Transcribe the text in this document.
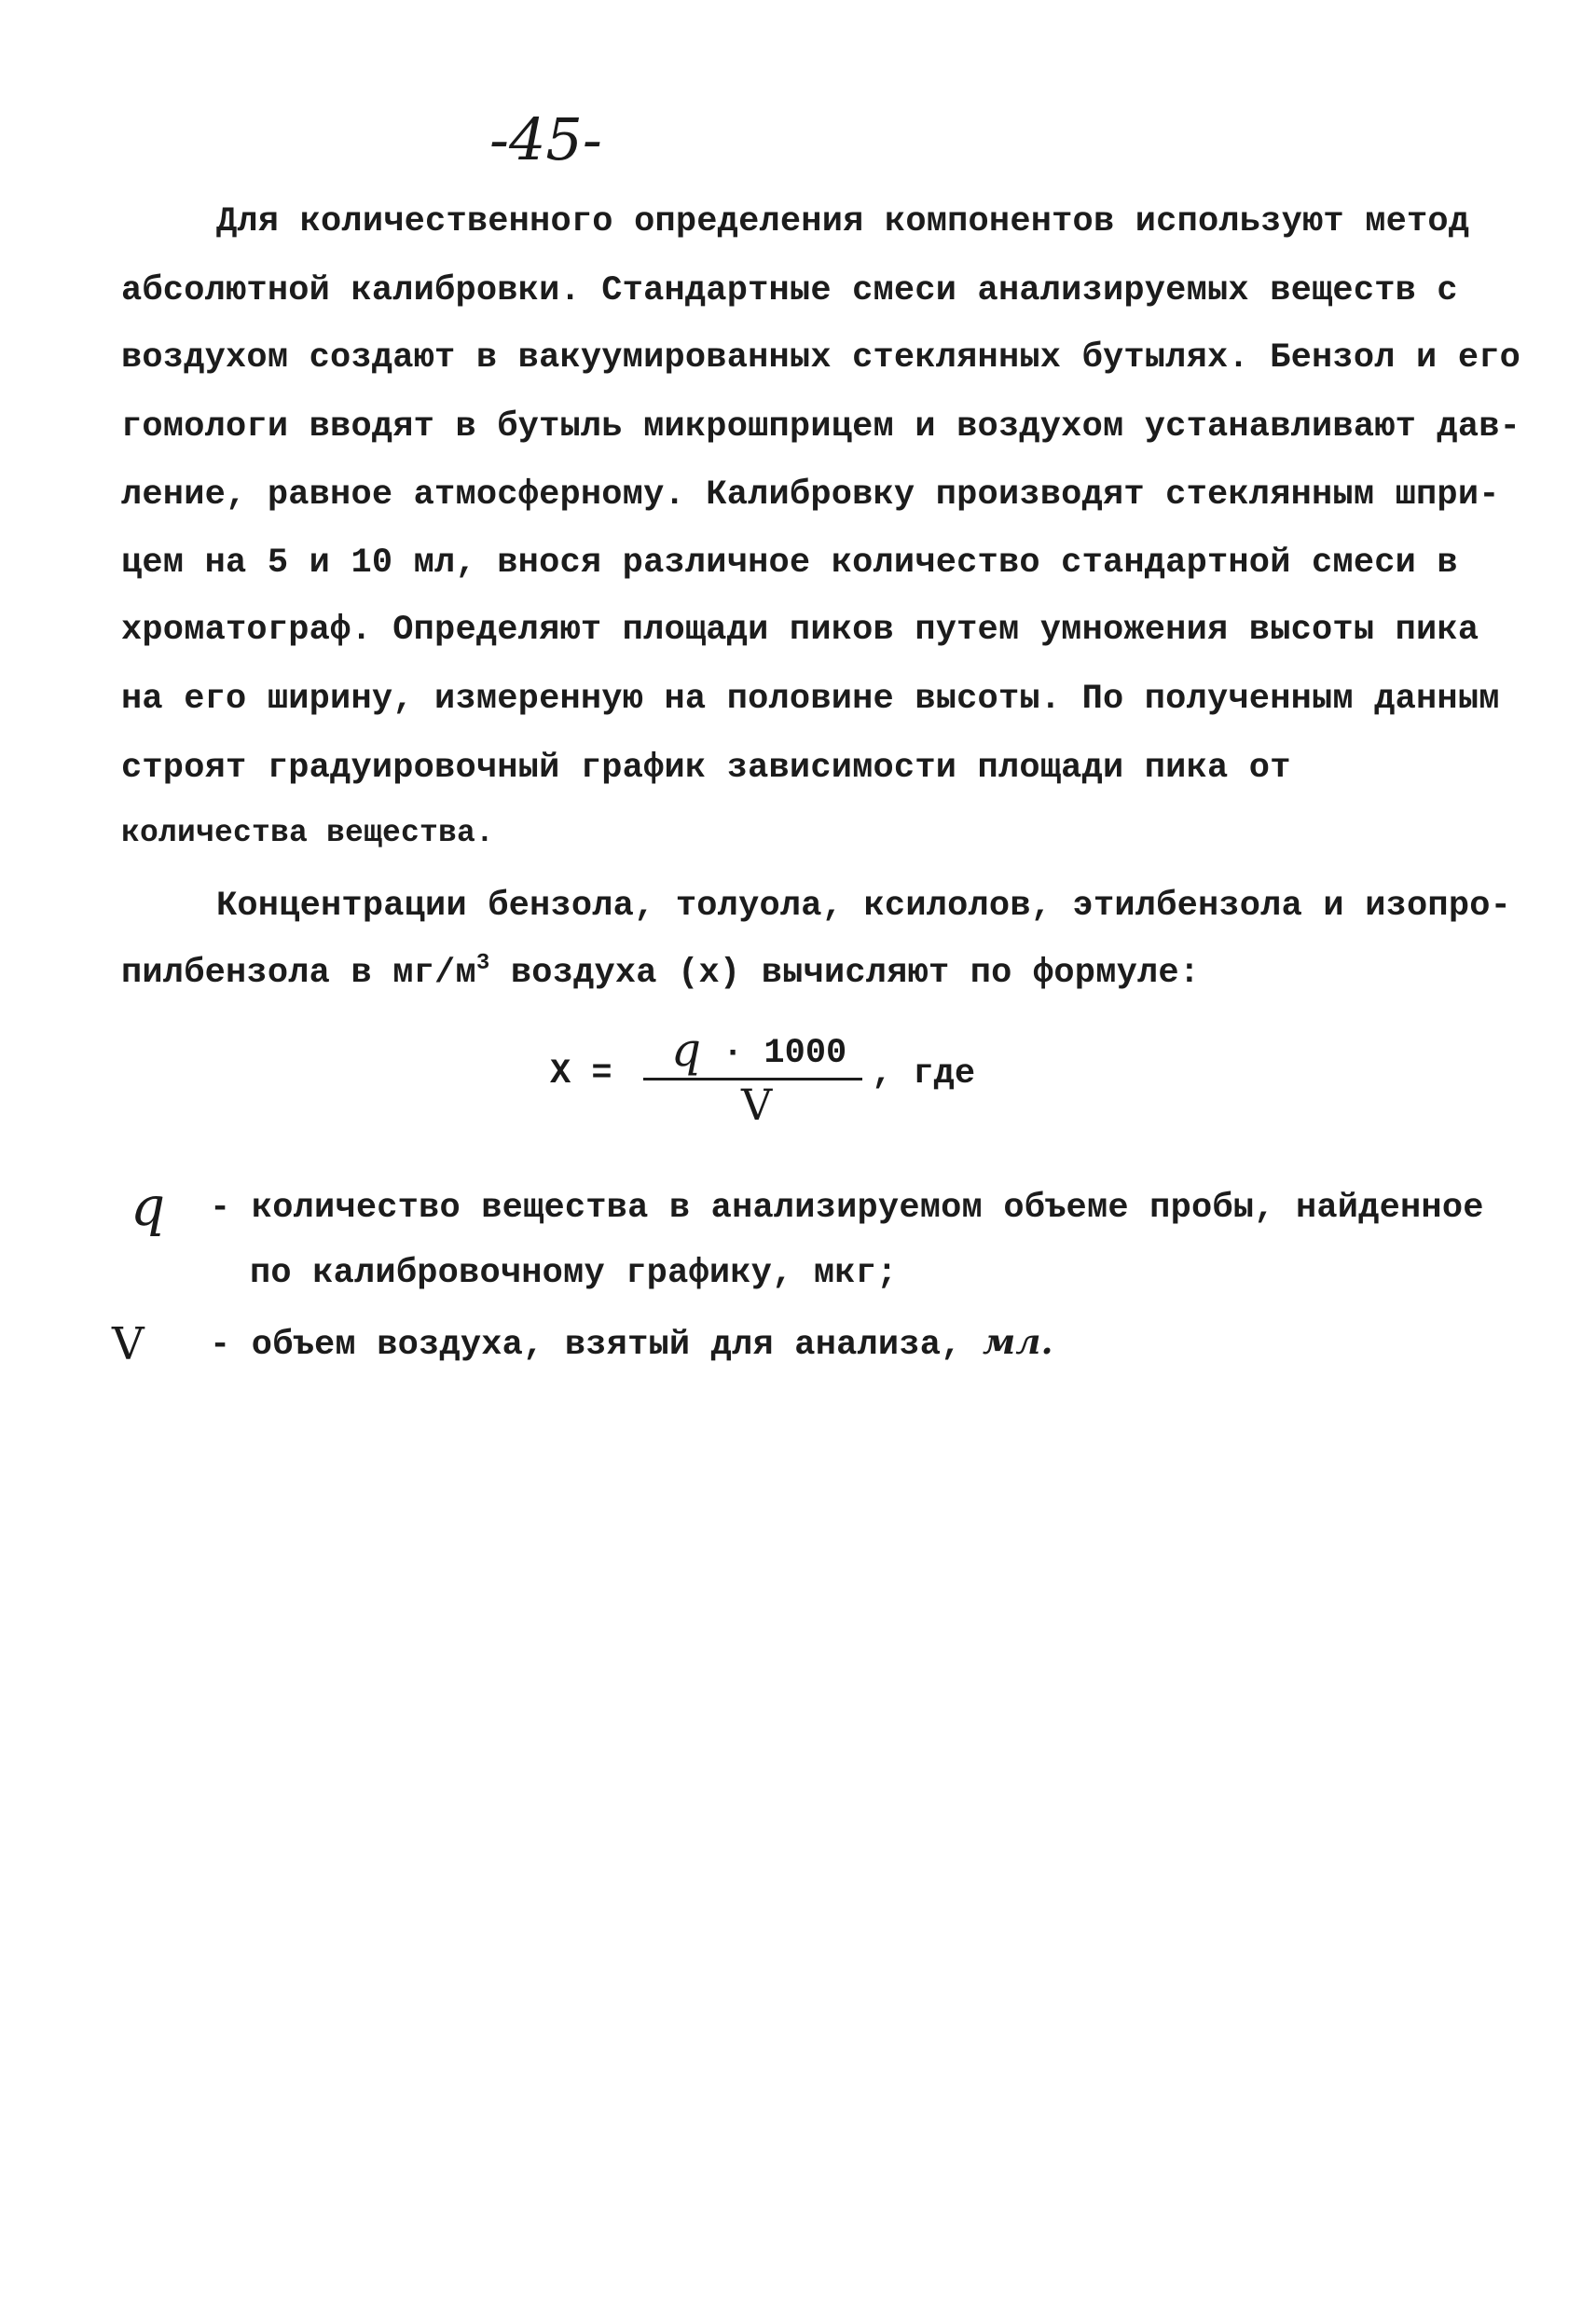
-45-
Для количественного определения компонентов используют метод
абсолютной калибровки. Стандартные смеси анализируемых веществ с
воздухом создают в вакуумированных стеклянных бутылях. Бензол и его
гомологи вводят в бутыль микрошприцем и воздухом устанавливают дав-
ление, равное атмосферному. Калибровку производят стеклянным шпри-
цем на 5 и 10 мл, внося различное количество стандартной смеси в
хроматограф. Определяют площади пиков путем умножения высоты пика
на его ширину, измеренную на половине высоты. По полученным данным
строят градуировочный график зависимости площади пика от
количества вещества.
Концентрации бензола, толуола, ксилолов, этилбензола и изопро-
пилбензола в $мг/м^3$ воздуха (x) вычисляют по формуле:
X = q · 1000
V
, где
q - количество вещества в анализируемом объеме пробы, найденное
по калибровочному графику, мкг;
V - объем воздуха, взятый для анализа, мл.
